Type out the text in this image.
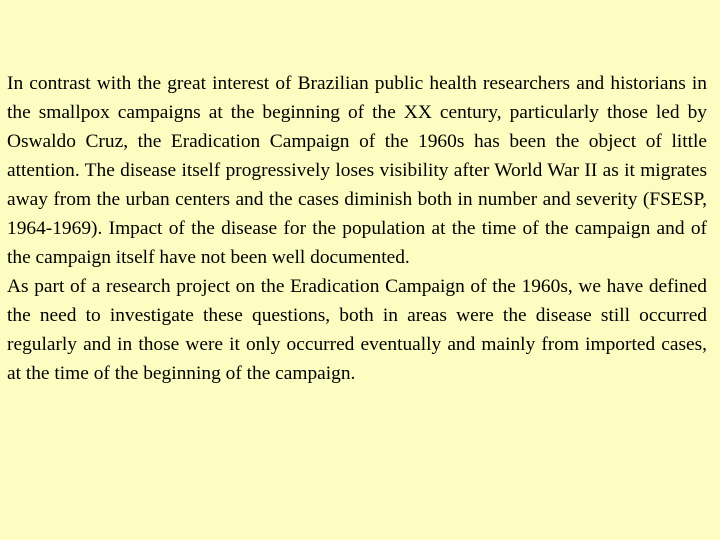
In contrast with the great interest of Brazilian public health researchers and historians in the smallpox campaigns at the beginning of the XX century, particularly those led by Oswaldo Cruz, the Eradication Campaign of the 1960s has been the object of little attention. The disease itself progressively loses visibility after World War II as it migrates away from the urban centers and the cases diminish both in number and severity (FSESP, 1964-1969). Impact of the disease for the population at the time of the campaign and of the campaign itself have not been well documented.

As part of a research project on the Eradication Campaign of the 1960s, we have defined the need to investigate these questions, both in areas were the disease still occurred regularly and in those were it only occurred eventually and mainly from imported cases, at the time of the beginning of the campaign.
